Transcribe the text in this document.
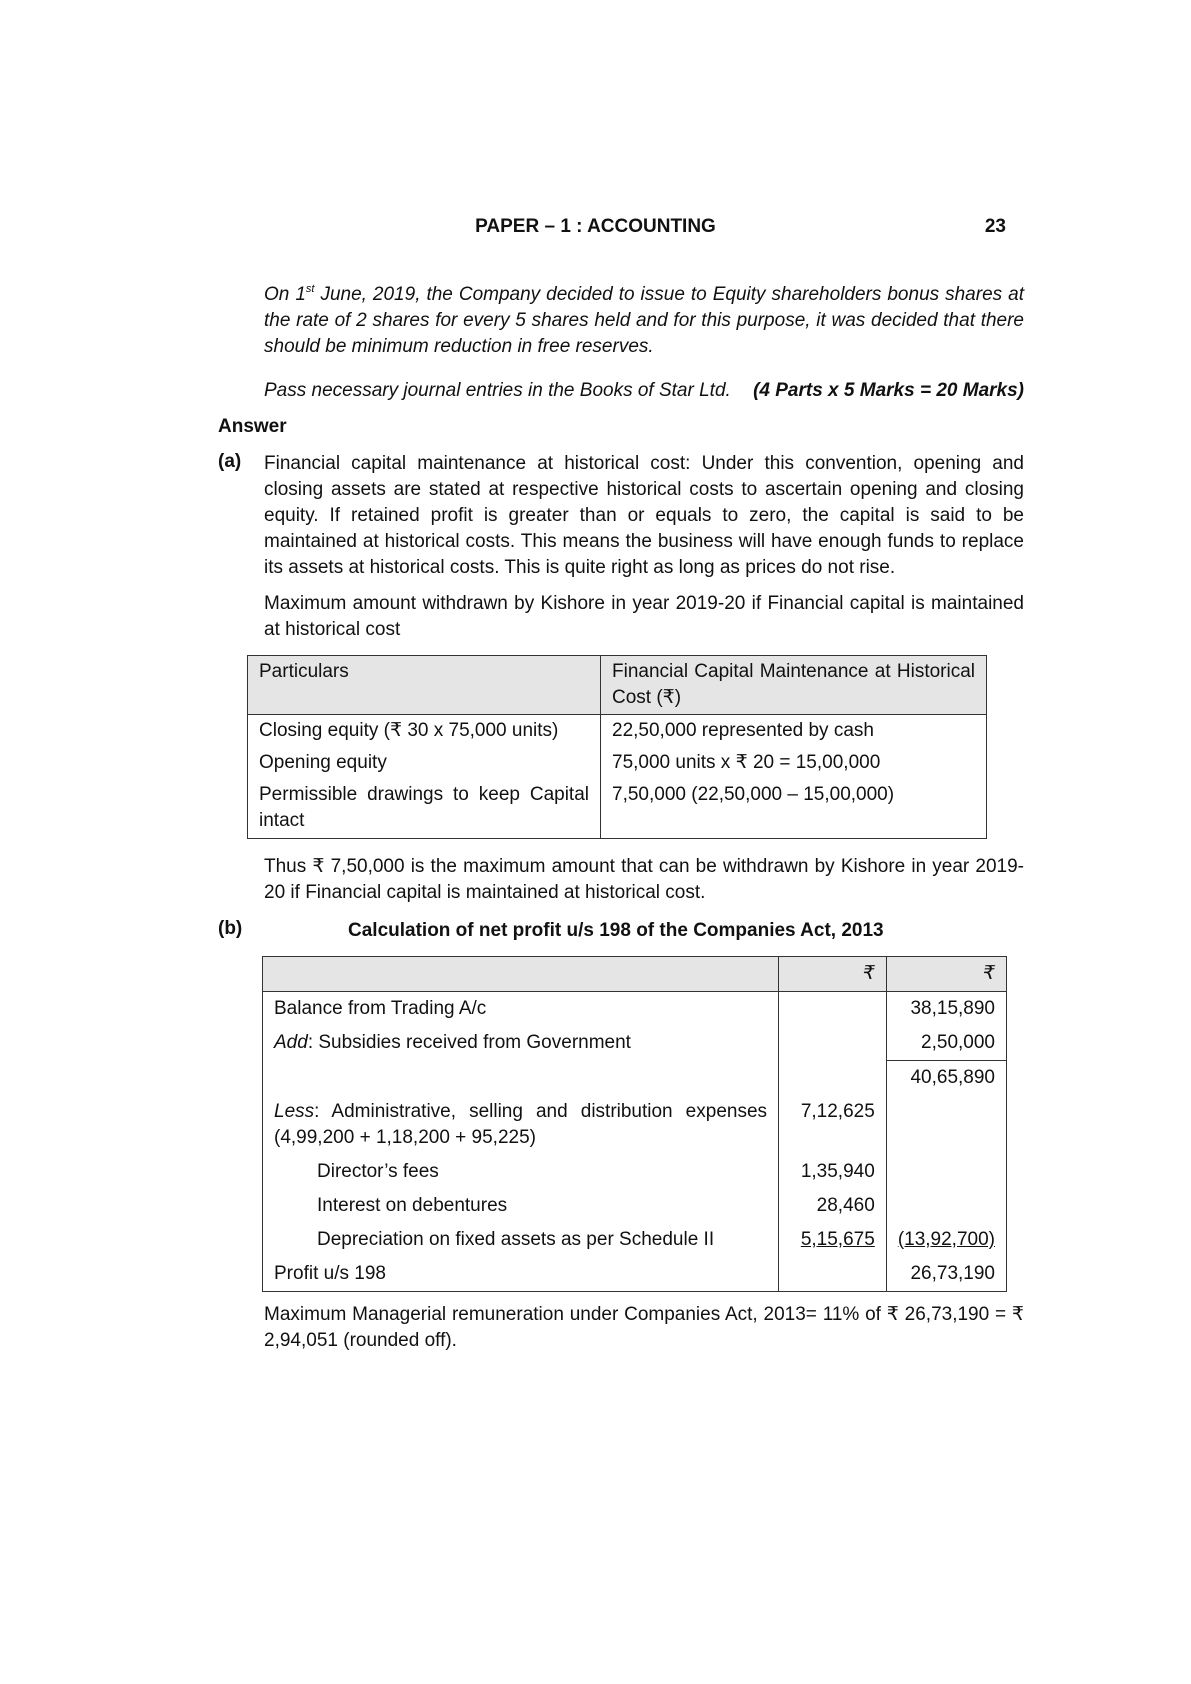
PAPER – 1 : ACCOUNTING	23
On 1st June, 2019, the Company decided to issue to Equity shareholders bonus shares at the rate of 2 shares for every 5 shares held and for this purpose, it was decided that there should be minimum reduction in free reserves.
Pass necessary journal entries in the Books of Star Ltd. (4 Parts x 5 Marks = 20 Marks)
Answer
(a) Financial capital maintenance at historical cost: Under this convention, opening and closing assets are stated at respective historical costs to ascertain opening and closing equity. If retained profit is greater than or equals to zero, the capital is said to be maintained at historical costs. This means the business will have enough funds to replace its assets at historical costs. This is quite right as long as prices do not rise.
Maximum amount withdrawn by Kishore in year 2019-20 if Financial capital is maintained at historical cost
Particulars	Financial Capital Maintenance at Historical Cost (₹)
Closing equity (₹ 30 x 75,000 units)	22,50,000 represented by cash
Opening equity	75,000 units x ₹ 20 = 15,00,000
Permissible drawings to keep Capital intact	7,50,000 (22,50,000 – 15,00,000)
Thus ₹ 7,50,000 is the maximum amount that can be withdrawn by Kishore in year 2019-20 if Financial capital is maintained at historical cost.
(b)	Calculation of net profit u/s 198 of the Companies Act, 2013
	₹	₹
Balance from Trading A/c		38,15,890
Add: Subsidies received from Government		2,50,000
		40,65,890
Less: Administrative, selling and distribution expenses (4,99,200 + 1,18,200 + 95,225)	7,12,625	
Director’s fees	1,35,940	
Interest on debentures	28,460	
Depreciation on fixed assets as per Schedule II	5,15,675	(13,92,700)
Profit u/s 198		26,73,190
Maximum Managerial remuneration under Companies Act, 2013= 11% of ₹ 26,73,190 = ₹ 2,94,051 (rounded off).
